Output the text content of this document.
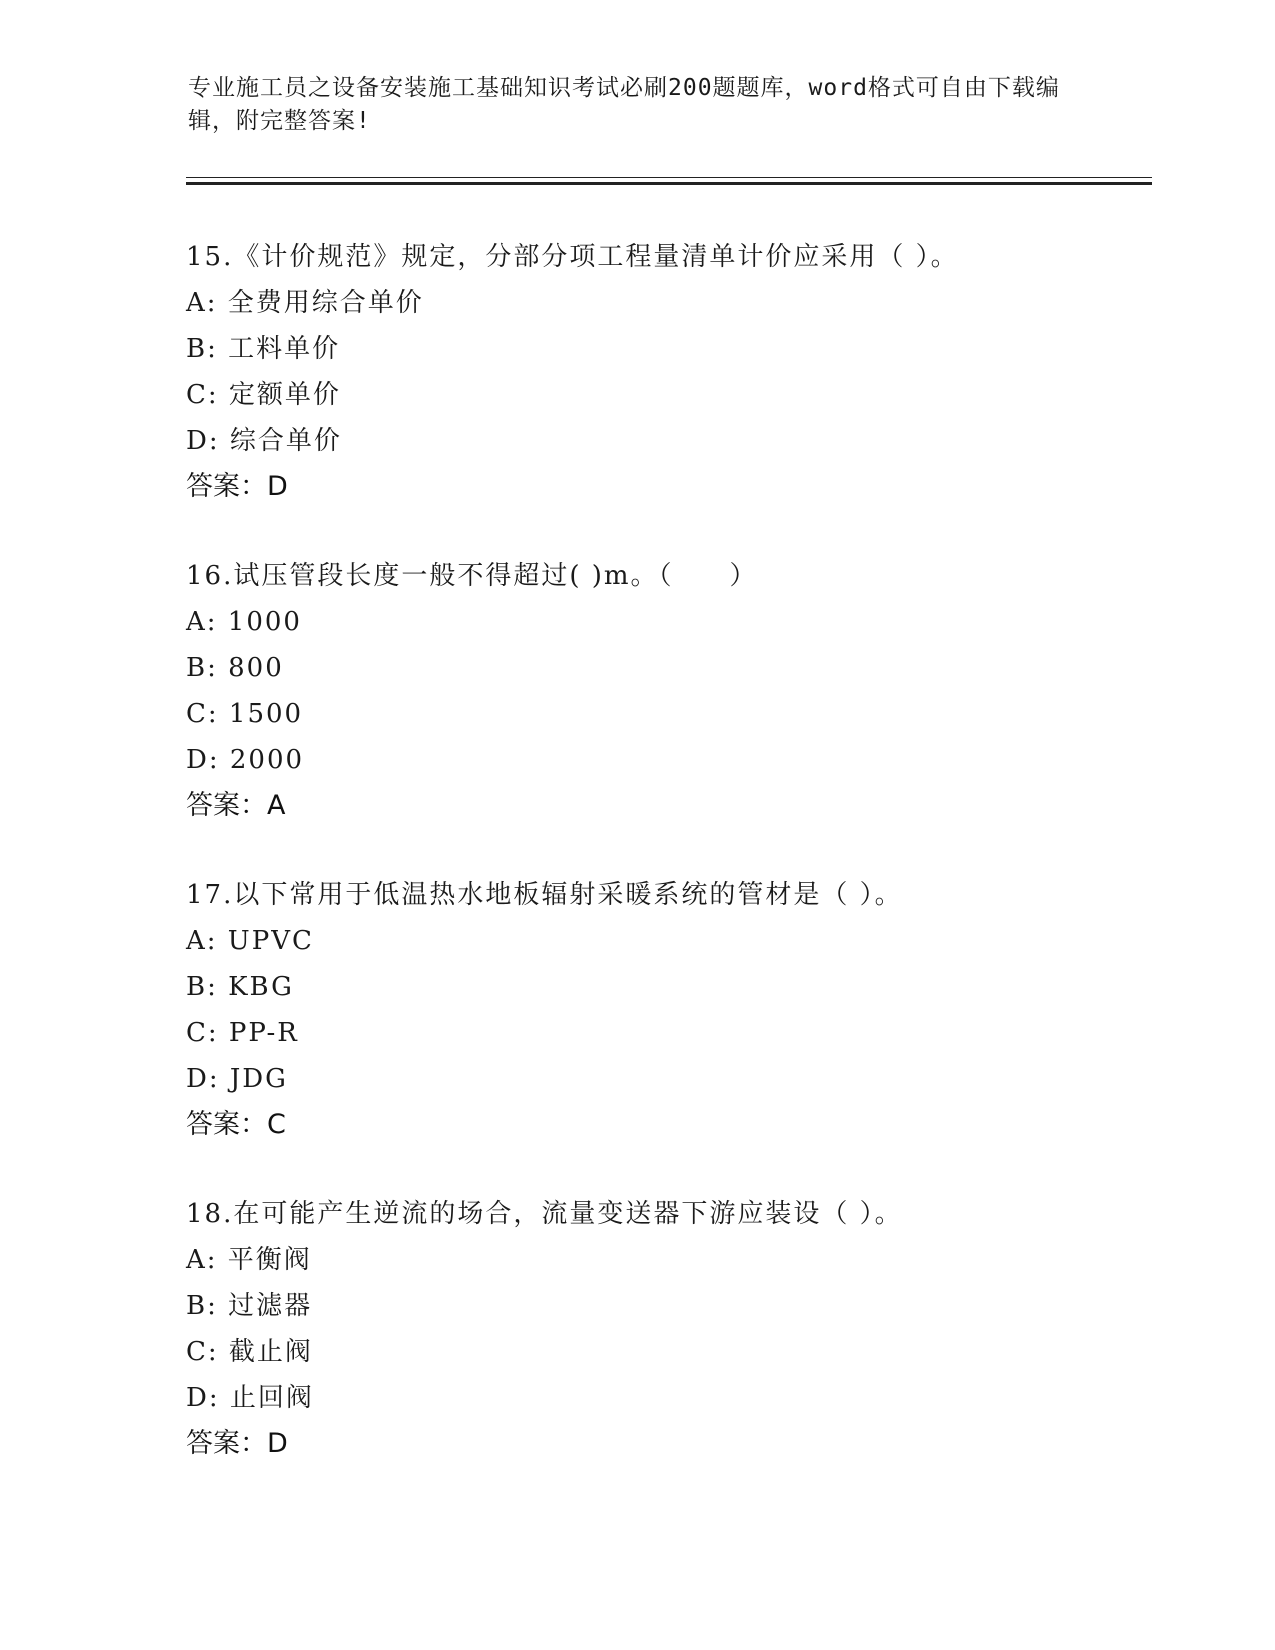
专业施工员之设备安装施工基础知识考试必刷200题题库，word格式可自由下载编辑，附完整答案!
15.《计价规范》规定，分部分项工程量清单计价应采用（ ）。
A: 全费用综合单价
B: 工料单价
C: 定额单价
D: 综合单价
答案：D
16.试压管段长度一般不得超过( )m。（　　）
A: 1000
B: 800
C: 1500
D: 2000
答案：A
17.以下常用于低温热水地板辐射采暖系统的管材是（ ）。
A: UPVC
B: KBG
C: PP-R
D: JDG
答案：C
18.在可能产生逆流的场合，流量变送器下游应装设（ ）。
A: 平衡阀
B: 过滤器
C: 截止阀
D: 止回阀
答案：D
